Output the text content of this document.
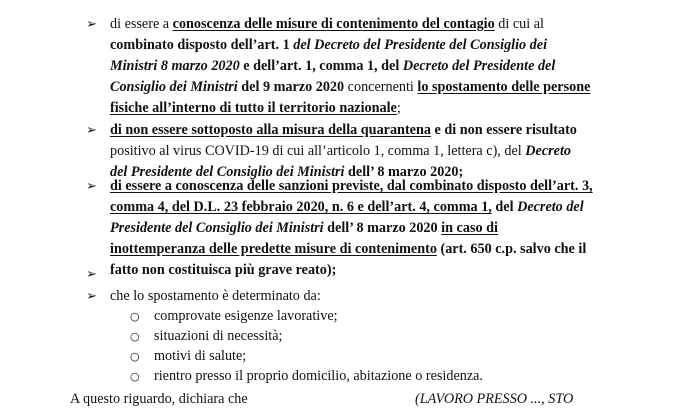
➢ di essere a conoscenza delle misure di contenimento del contagio di cui al
combinato disposto dell’art. 1 del Decreto del Presidente del Consiglio dei
Ministri 8 marzo 2020 e dell’art. 1, comma 1, del Decreto del Presidente del
Consiglio dei Ministri del 9 marzo 2020 concernenti lo spostamento delle persone
fisiche all’interno di tutto il territorio nazionale;
➢ di non essere sottoposto alla misura della quarantena e di non essere risultato
positivo al virus COVID-19 di cui all’articolo 1, comma 1, lettera c), del Decreto
del Presidente del Consiglio dei Ministri dell’ 8 marzo 2020;
➢ di essere a conoscenza delle sanzioni previste, dal combinato disposto dell’art. 3,
comma 4, del D.L. 23 febbraio 2020, n. 6 e dell’art. 4, comma 1, del Decreto del
Presidente del Consiglio dei Ministri dell’ 8 marzo 2020 in caso di
inottemperanza delle predette misure di contenimento (art. 650 c.p. salvo che il
fatto non costituisca più grave reato);
➢
➢ che lo spostamento è determinato da:
○ comprovate esigenze lavorative;
○ situazioni di necessità;
○ motivi di salute;
○ rientro presso il proprio domicilio, abitazione o residenza.
A questo riguardo, dichiara che	(LAVORO PRESSO ..., STO
